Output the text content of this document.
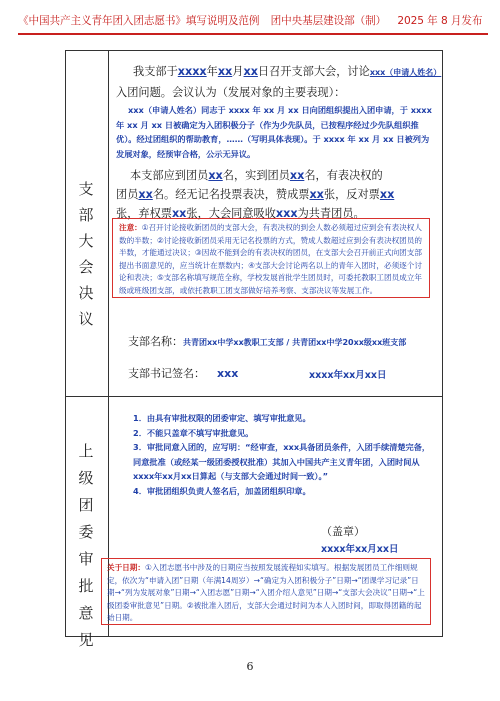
《中国共产主义青年团入团志愿书》填写说明及范例 团中央基层建设部（制） 2025 年 8 月发布
支
部
大
会
决
议
我支部于xxxx年xx月xx日召开支部大会，讨论xxx（申请人姓名）
入团问题。会议认为（发展对象的主要表现）：
xxx（申请人姓名）同志于 xxxx 年 xx 月 xx 日向团组织提出入团申请，于 xxxx 年 xx 月 xx 日被确定为入团积极分子（作为少先队员，已按程序经过少先队组织推优）。经过团组织的帮助教育，……（写明具体表现）。于 xxxx 年 xx 月 xx 日被列为发展对象，经预审合格，公示无异议。
本支部应到团员xx名，实到团员xx名，有表决权的
团员xx名。经无记名投票表决，赞成票xx张，反对票xx
张，弃权票xx张，大会同意吸收xxx为共青团员。
注意：①召开讨论接收新团员的支部大会，有表决权的到会人数必须超过应到会有表决权人数的半数；②讨论接收新团员采用无记名投票的方式，赞成人数超过应到会有表决权团员的半数，才能通过决议；③因故不能到会的有表决权的团员，在支部大会召开前正式向团支部提出书面意见的，应当统计在票数内；④支部大会讨论两名以上的青年入团时，必须逐个讨论和表决；⑤支部名称填写规范全称，学校发展首批学生团员时，可委托教职工团员成立年级或班级团支部，或依托教职工团支部做好培养考察、支部决议等发展工作。
支部名称：共青团xx中学xx教职工支部 / 共青团xx中学20xx级xx班支部
支部书记签名： xxx	xxxx年xx月xx日
上
级
团
委
审
批
意
见
1．由具有审批权限的团委审定、填写审批意见。
2．不能只盖章不填写审批意见。
3．审批同意入团的，应写明：“经审查，xxx具备团员条件，入团手续清楚完备，同意批准（或经某一级团委授权批准）其加入中国共产主义青年团，入团时间从xxxx年xx月xx日算起（与支部大会通过时间一致）。”
4．审批团组织负责人签名后，加盖团组织印章。
（盖章）
xxxx年xx月xx日
关于日期：①入团志愿书中涉及的日期应当按照发展流程如实填写。根据发展团员工作细则规定，依次为“申请入团”日期（年满14周岁）→“确定为入团积极分子”日期→“团课学习记录”日期→“列为发展对象”日期→“入团志愿”日期→“入团介绍人意见”日期→“支部大会决议”日期→“上级团委审批意见”日期。②被批准入团后，支部大会通过时间为本人入团时间，即取得团籍的起始日期。
6
